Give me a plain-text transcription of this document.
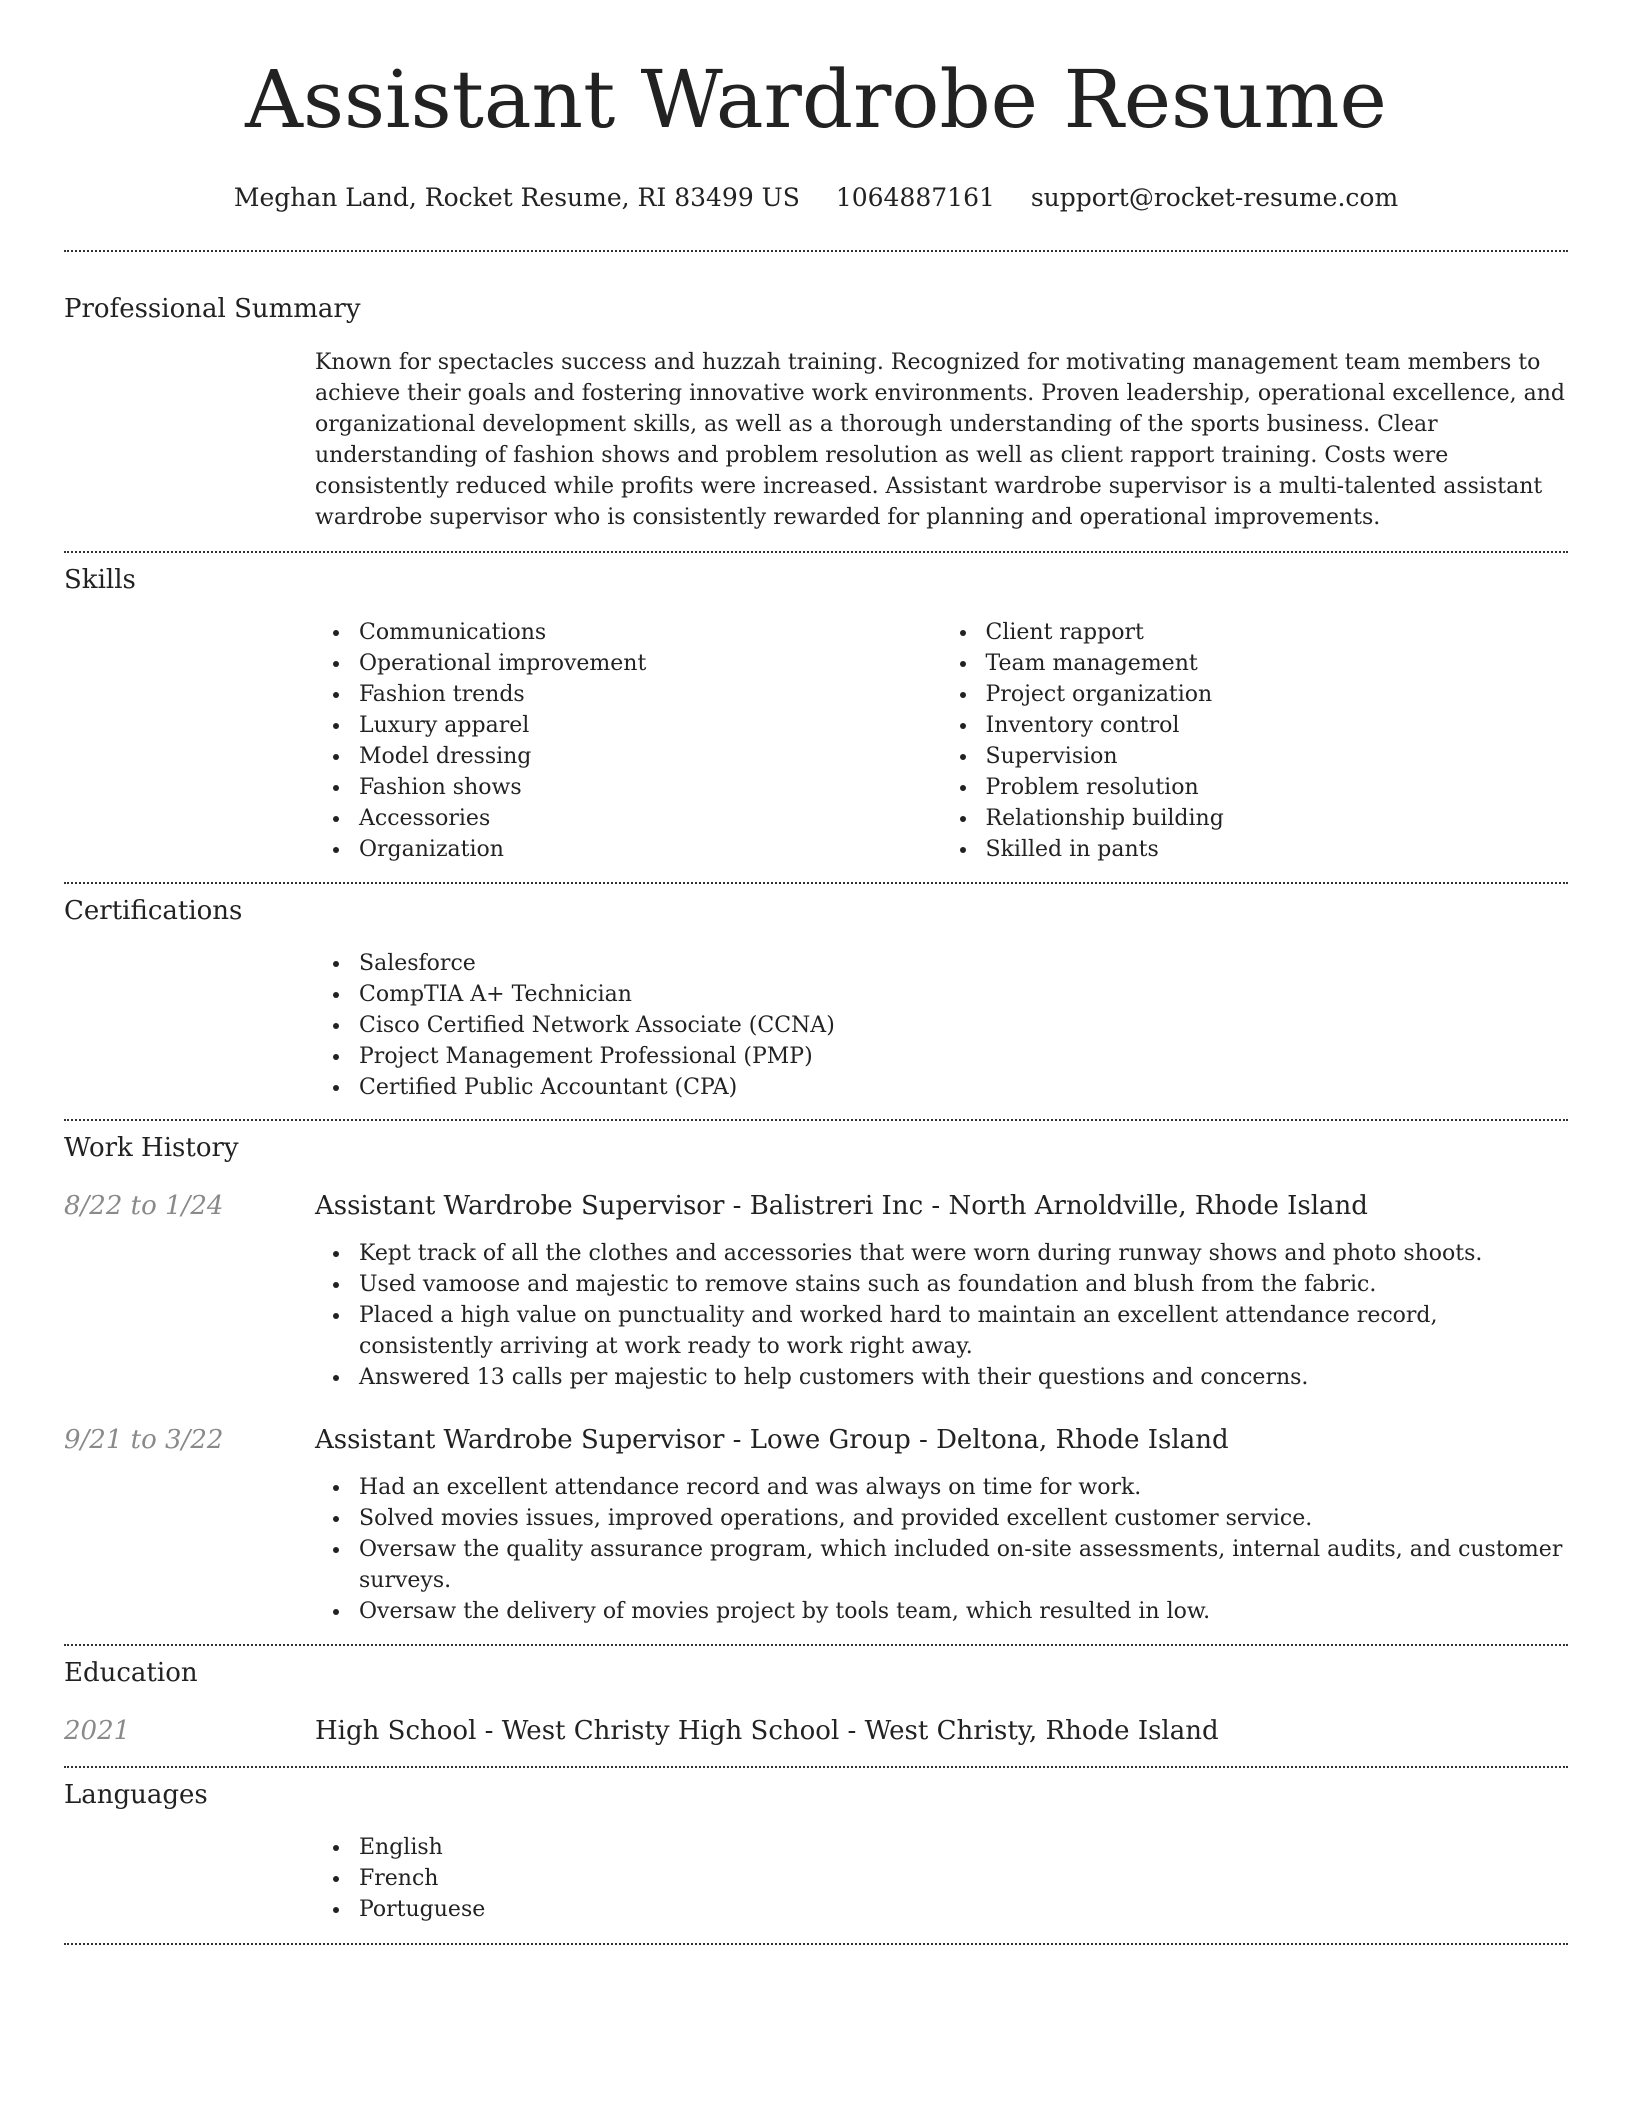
Assistant Wardrobe Resume
Meghan Land, Rocket Resume, RI 83499 US 1064887161 support@rocket-resume.com
Professional Summary

Known for spectacles success and huzzah training. Recognized for motivating management team members to achieve their goals and fostering innovative work environments. Proven leadership, operational excellence, and organizational development skills, as well as a thorough understanding of the sports business. Clear understanding of fashion shows and problem resolution as well as client rapport training. Costs were consistently reduced while profits were increased. Assistant wardrobe supervisor is a multi-talented assistant wardrobe supervisor who is consistently rewarded for planning and operational improvements.

Skills
Communications
Operational improvement
Fashion trends
Luxury apparel
Model dressing
Fashion shows
Accessories
Organization
Client rapport
Team management
Project organization
Inventory control
Supervision
Problem resolution
Relationship building
Skilled in pants
Certifications
Salesforce
CompTIA A+ Technician
Cisco Certified Network Associate (CCNA)
Project Management Professional (PMP)
Certified Public Accountant (CPA)
Work History
8/22 to 1/24	Assistant Wardrobe Supervisor - Balistreri Inc - North Arnoldville, Rhode Island
Kept track of all the clothes and accessories that were worn during runway shows and photo shoots.
Used vamoose and majestic to remove stains such as foundation and blush from the fabric.
Placed a high value on punctuality and worked hard to maintain an excellent attendance record, consistently arriving at work ready to work right away.
Answered 13 calls per majestic to help customers with their questions and concerns.
9/21 to 3/22	Assistant Wardrobe Supervisor - Lowe Group - Deltona, Rhode Island
Had an excellent attendance record and was always on time for work.
Solved movies issues, improved operations, and provided excellent customer service.
Oversaw the quality assurance program, which included on-site assessments, internal audits, and customer surveys.
Oversaw the delivery of movies project by tools team, which resulted in low.
Education
2021	High School - West Christy High School - West Christy, Rhode Island
Languages
English
French
Portuguese
